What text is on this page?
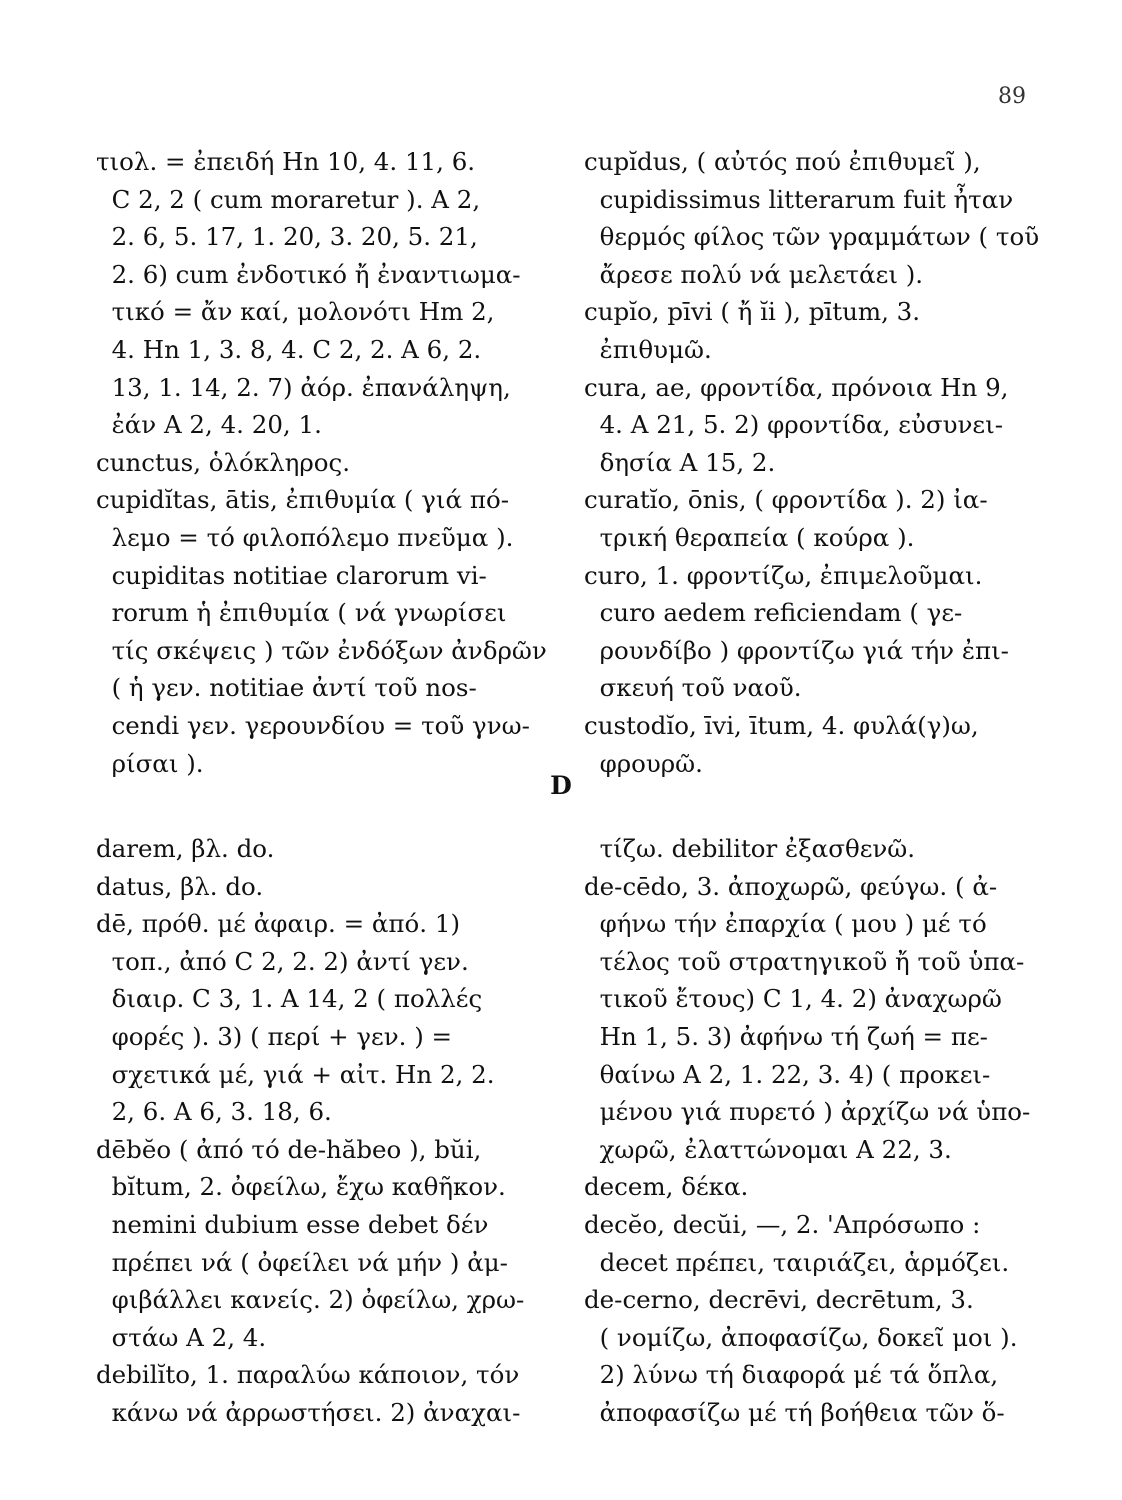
89
τιολ. = ἐπειδή Hn 10, 4. 11, 6.
C 2, 2 ( cum moraretur ). A 2,
2. 6, 5. 17, 1. 20, 3. 20, 5. 21,
2. 6) cum ἐνδοτικό ἤ ἐναντιωμα-
τικό = ἄν καί, μολονότι Hm 2,
4. Hn 1, 3. 8, 4. C 2, 2. A 6, 2.
13, 1. 14, 2. 7) ἀόρ. ἐπανάληψη,
ἐάν A 2, 4. 20, 1.
cunctus, ὁλόκληρος.
cupidĭtas, ātis, ἐπιθυμία ( γιά πό-
λεμο = τό φιλοπόλεμο πνεῦμα ).
cupiditas notitiae clarorum vi-
rorum ἡ ἐπιθυμία ( νά γνωρίσει
τίς σκέψεις ) τῶν ἐνδόξων ἀνδρῶν
( ἡ γεν. notitiae ἀντί τοῦ nos-
cendi γεν. γερουνδίου = τοῦ γνω-
ρίσαι ).
cupĭdus, ( αὐτός πού ἐπιθυμεῖ ),
cupidissimus litterarum fuit ἦταν
θερμός φίλος τῶν γραμμάτων ( τοῦ
ἄρεσε πολύ νά μελετάει ).
cupĭo, pīvi ( ἤ ĭi ), pītum, 3.
ἐπιθυμῶ.
cura, ae, φροντίδα, πρόνοια Hn 9,
4. A 21, 5. 2) φροντίδα, εὐσυνει-
δησία A 15, 2.
curatĭo, ōnis, ( φροντίδα ). 2) ἰα-
τρική θεραπεία ( κούρα ).
curo, 1. φροντίζω, ἐπιμελοῦμαι.
curo aedem reficiendam ( γε-
ρουνδίβο ) φροντίζω γιά τήν ἐπι-
σκευή τοῦ ναοῦ.
custodĭo, īvi, ītum, 4. φυλά(γ)ω,
φρουρῶ.
D
darem, βλ. do.
datus, βλ. do.
dē, πρόθ. μέ ἀφαιρ. = ἀπό. 1)
τοπ., ἀπό C 2, 2. 2) ἀντί γεν.
διαιρ. C 3, 1. A 14, 2 ( πολλές
φορές ). 3) ( περί + γεν. ) =
σχετικά μέ, γιά + αἰτ. Hn 2, 2.
2, 6. A 6, 3. 18, 6.
dēbĕo ( ἀπό τό de-hăbeo ), bŭi,
bĭtum, 2. ὀφείλω, ἔχω καθῆκον.
nemini dubium esse debet δέν
πρέπει νά ( ὀφείλει νά μήν ) ἀμ-
φιβάλλει κανείς. 2) ὀφείλω, χρω-
στάω A 2, 4.
debilĭto, 1. παραλύω κάποιον, τόν
κάνω νά ἀρρωστήσει. 2) ἀναχαι-
τίζω. debilitor ἐξασθενῶ.
de-cēdo, 3. ἀποχωρῶ, φεύγω. ( ἀ-
φήνω τήν ἐπαρχία ( μου ) μέ τό
τέλος τοῦ στρατηγικοῦ ἤ τοῦ ὑπα-
τικοῦ ἔτους) C 1, 4. 2) ἀναχωρῶ
Hn 1, 5. 3) ἀφήνω τή ζωή = πε-
θαίνω A 2, 1. 22, 3. 4) ( προκει-
μένου γιά πυρετό ) ἀρχίζω νά ὑπο-
χωρῶ, ἐλαττώνομαι A 22, 3.
decem, δέκα.
decĕo, decŭi, —, 2. 'Απρόσωπο :
decet πρέπει, ταιριάζει, ἁρμόζει.
de-cerno, decrēvi, decrētum, 3.
( νομίζω, ἀποφασίζω, δοκεῖ μοι ).
2) λύνω τή διαφορά μέ τά ὅπλα,
ἀποφασίζω μέ τή βοήθεια τῶν ὅ-
